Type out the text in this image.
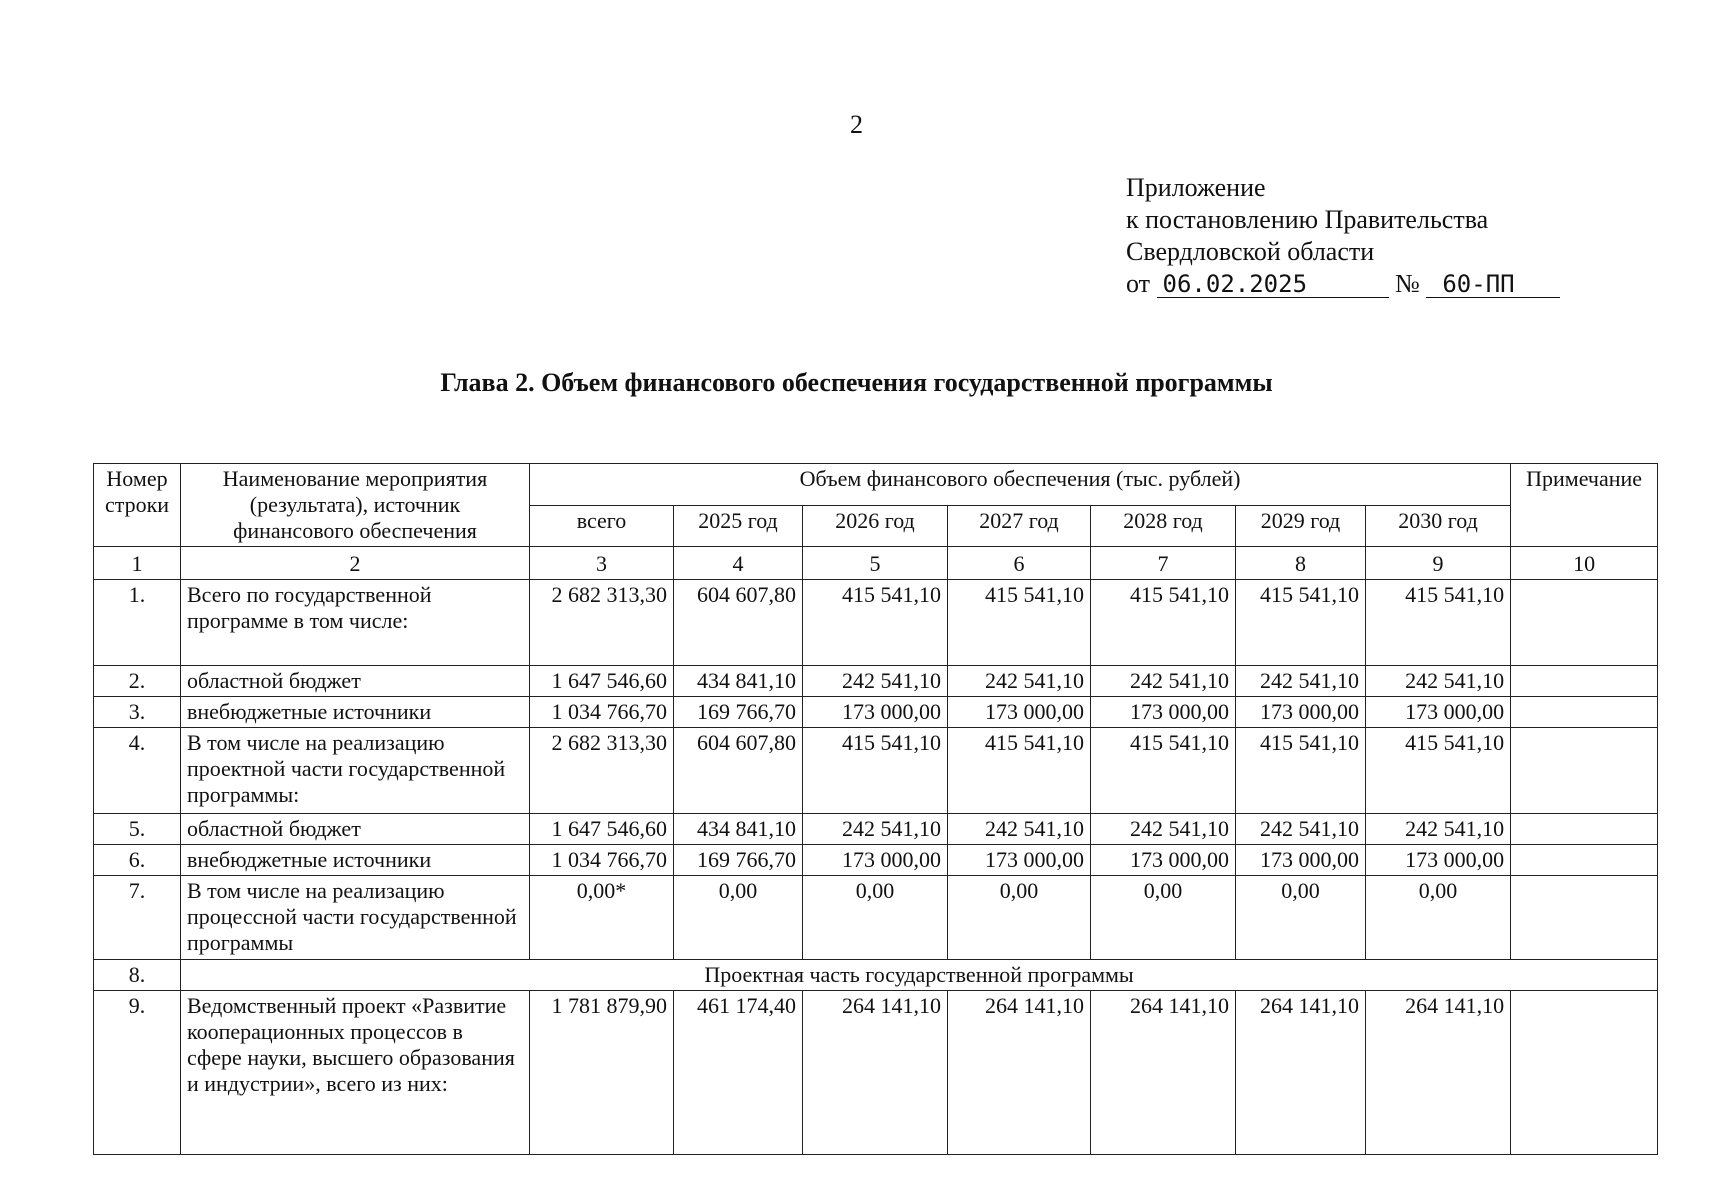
2
Приложение
к постановлению Правительства
Свердловской области
от 06.02.2025	№ 60-ПП
Глава 2. Объем финансового обеспечения государственной программы
Номер строки	Наименование мероприятия (результата), источник финансового обеспечения	Объем финансового обеспечения (тыс. рублей)							Примечание
		всего	2025 год	2026 год	2027 год	2028 год	2029 год	2030 год	
1	2	3	4	5	6	7	8	9	10
1.	Всего по государственной программе в том числе:	2 682 313,30	604 607,80	415 541,10	415 541,10	415 541,10	415 541,10	415 541,10	
2.	областной бюджет	1 647 546,60	434 841,10	242 541,10	242 541,10	242 541,10	242 541,10	242 541,10	
3.	внебюджетные источники	1 034 766,70	169 766,70	173 000,00	173 000,00	173 000,00	173 000,00	173 000,00	
4.	В том числе на реализацию проектной части государственной программы:	2 682 313,30	604 607,80	415 541,10	415 541,10	415 541,10	415 541,10	415 541,10	
5.	областной бюджет	1 647 546,60	434 841,10	242 541,10	242 541,10	242 541,10	242 541,10	242 541,10	
6.	внебюджетные источники	1 034 766,70	169 766,70	173 000,00	173 000,00	173 000,00	173 000,00	173 000,00	
7.	В том числе на реализацию процессной части государственной программы	0,00*	0,00	0,00	0,00	0,00	0,00	0,00	
8.	Проектная часть государственной программы								
9.	Ведомственный проект «Развитие кооперационных процессов в сфере науки, высшего образования и индустрии», всего из них:	1 781 879,90	461 174,40	264 141,10	264 141,10	264 141,10	264 141,10	264 141,10	
